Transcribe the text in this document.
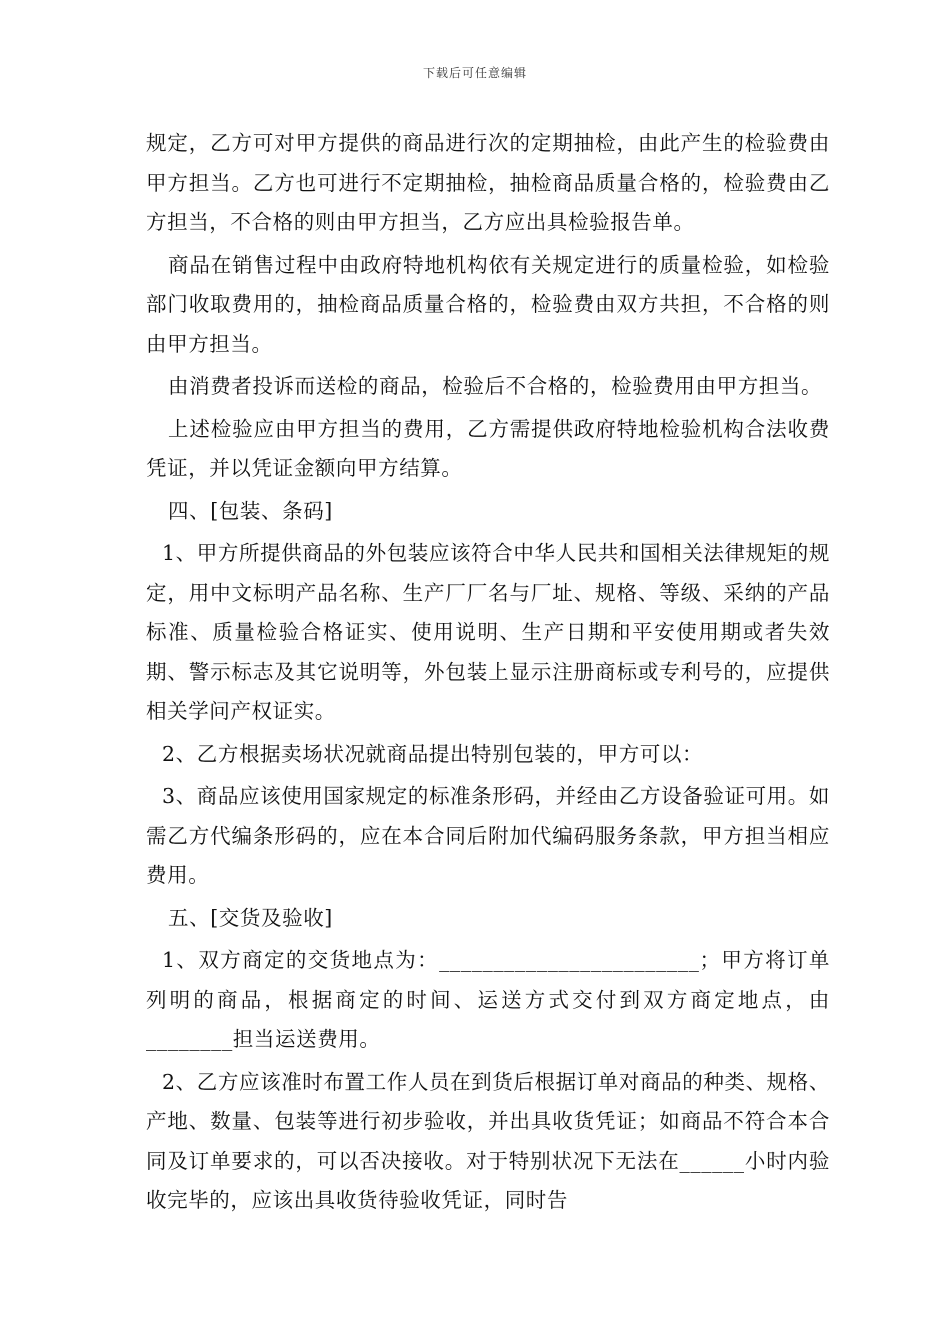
下载后可任意编辑

规定，乙方可对甲方提供的商品进行次的定期抽检，由此产生的检验费由甲方担当。乙方也可进行不定期抽检，抽检商品质量合格的，检验费由乙方担当，不合格的则由甲方担当，乙方应出具检验报告单。

商品在销售过程中由政府特地机构依有关规定进行的质量检验，如检验部门收取费用的，抽检商品质量合格的，检验费由双方共担，不合格的则由甲方担当。

由消费者投诉而送检的商品，检验后不合格的，检验费用由甲方担当。

上述检验应由甲方担当的费用，乙方需提供政府特地检验机构合法收费凭证，并以凭证金额向甲方结算。

四、[包装、条码]

1、甲方所提供商品的外包装应该符合中华人民共和国相关法律规矩的规定，用中文标明产品名称、生产厂厂名与厂址、规格、等级、采纳的产品标准、质量检验合格证实、使用说明、生产日期和平安使用期或者失效期、警示标志及其它说明等，外包装上显示注册商标或专利号的，应提供相关学问产权证实。

2、乙方根据卖场状况就商品提出特别包装的，甲方可以：

3、商品应该使用国家规定的标准条形码，并经由乙方设备验证可用。如需乙方代编条形码的，应在本合同后附加代编码服务条款，甲方担当相应费用。

五、[交货及验收]

1、双方商定的交货地点为：________________________；甲方将订单列明的商品，根据商定的时间、运送方式交付到双方商定地点，由________担当运送费用。

2、乙方应该准时布置工作人员在到货后根据订单对商品的种类、规格、产地、数量、包装等进行初步验收，并出具收货凭证；如商品不符合本合同及订单要求的，可以否决接收。对于特别状况下无法在______小时内验收完毕的，应该出具收货待验收凭证，同时告
